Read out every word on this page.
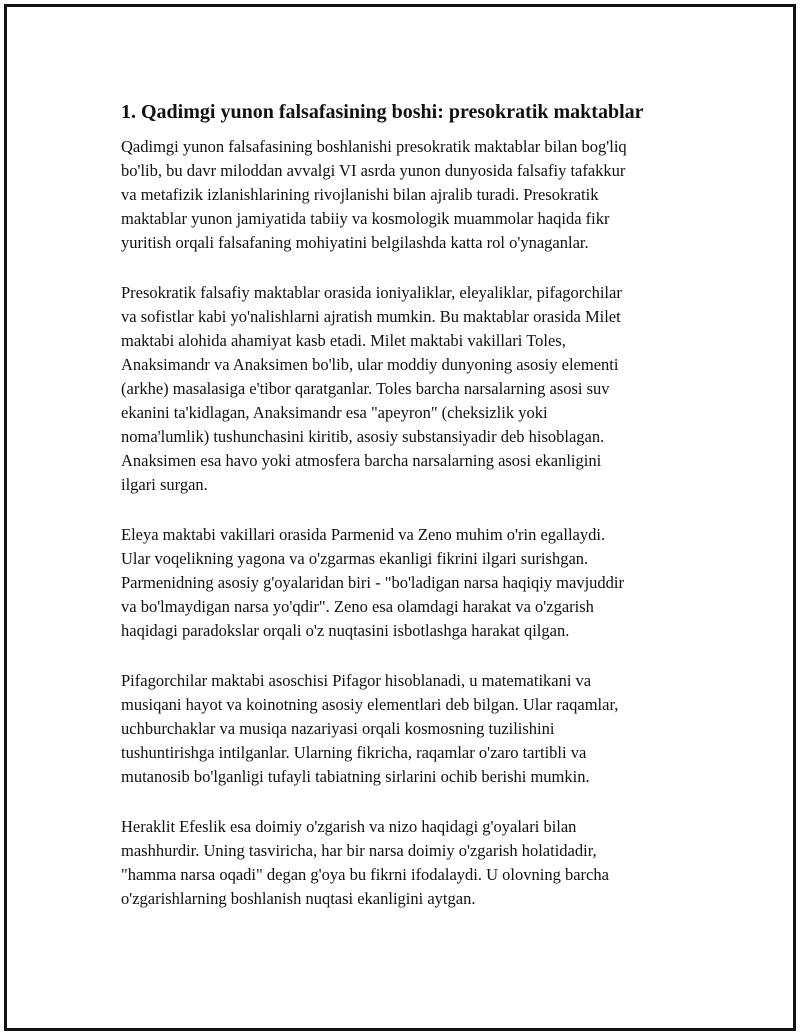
1. Qadimgi yunon falsafasining boshi: presokratik maktablar

Qadimgi yunon falsafasining boshlanishi presokratik maktablar bilan bog'liq
bo'lib, bu davr miloddan avvalgi VI asrda yunon dunyosida falsafiy tafakkur
va metafizik izlanishlarining rivojlanishi bilan ajralib turadi. Presokratik
maktablar yunon jamiyatida tabiiy va kosmologik muammolar haqida fikr
yuritish orqali falsafaning mohiyatini belgilashda katta rol o'ynaganlar.

Presokratik falsafiy maktablar orasida ioniyaliklar, eleyaliklar, pifagorchilar
va sofistlar kabi yo'nalishlarni ajratish mumkin. Bu maktablar orasida Milet
maktabi alohida ahamiyat kasb etadi. Milet maktabi vakillari Toles,
Anaksimandr va Anaksimen bo'lib, ular moddiy dunyoning asosiy elementi
(arkhe) masalasiga e'tibor qaratganlar. Toles barcha narsalarning asosi suv
ekanini ta'kidlagan, Anaksimandr esa "apeyron" (cheksizlik yoki
noma'lumlik) tushunchasini kiritib, asosiy substansiyadir deb hisoblagan.
Anaksimen esa havo yoki atmosfera barcha narsalarning asosi ekanligini
ilgari surgan.

Eleya maktabi vakillari orasida Parmenid va Zeno muhim o'rin egallaydi.
Ular voqelikning yagona va o'zgarmas ekanligi fikrini ilgari surishgan.
Parmenidning asosiy g'oyalaridan biri - "bo'ladigan narsa haqiqiy mavjuddir
va bo'lmaydigan narsa yo'qdir". Zeno esa olamdagi harakat va o'zgarish
haqidagi paradokslar orqali o'z nuqtasini isbotlashga harakat qilgan.

Pifagorchilar maktabi asoschisi Pifagor hisoblanadi, u matematikani va
musiqani hayot va koinotning asosiy elementlari deb bilgan. Ular raqamlar,
uchburchaklar va musiqa nazariyasi orqali kosmosning tuzilishini
tushuntirishga intilganlar. Ularning fikricha, raqamlar o'zaro tartibli va
mutanosib bo'lganligi tufayli tabiatning sirlarini ochib berishi mumkin.

Heraklit Efeslik esa doimiy o'zgarish va nizo haqidagi g'oyalari bilan
mashhurdir. Uning tasviricha, har bir narsa doimiy o'zgarish holatidadir,
"hamma narsa oqadi" degan g'oya bu fikrni ifodalaydi. U olovning barcha
o'zgarishlarning boshlanish nuqtasi ekanligini aytgan.
